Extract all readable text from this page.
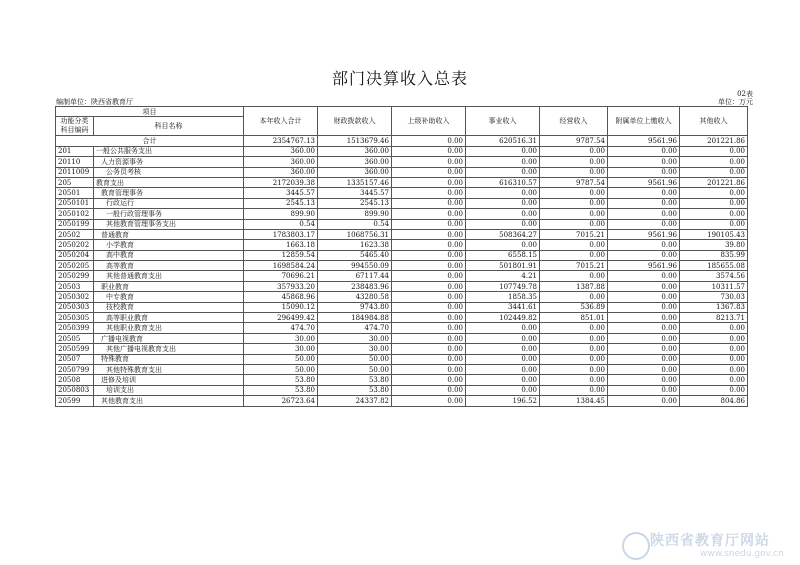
部门决算收入总表
02表
编制单位：陕西省教育厅	单位：万元
项目		本年收入合计	财政拨款收入	上级补助收入	事业收入	经营收入	附属单位上缴收入	其他收入
功能分类科目编码	科目名称							

合计		2354767.13	1513679.46	0.00	620516.31	9787.54	9561.96	201221.86
201	一般公共服务支出	360.00	360.00	0.00	0.00	0.00	0.00	0.00
20110	人力资源事务	360.00	360.00	0.00	0.00	0.00	0.00	0.00
2011009	公务员考核	360.00	360.00	0.00	0.00	0.00	0.00	0.00
205	教育支出	2172039.38	1335157.46	0.00	616310.57	9787.54	9561.96	201221.86
20501	教育管理事务	3445.57	3445.57	0.00	0.00	0.00	0.00	0.00
2050101	行政运行	2545.13	2545.13	0.00	0.00	0.00	0.00	0.00
2050102	一般行政管理事务	899.90	899.90	0.00	0.00	0.00	0.00	0.00
2050199	其他教育管理事务支出	0.54	0.54	0.00	0.00	0.00	0.00	0.00
20502	普通教育	1783803.17	1068756.31	0.00	508364.27	7015.21	9561.96	190105.43
2050202	小学教育	1663.18	1623.38	0.00	0.00	0.00	0.00	39.80
2050204	高中教育	12859.54	5465.40	0.00	6558.15	0.00	0.00	835.99
2050205	高等教育	1698584.24	994550.09	0.00	501801.91	7015.21	9561.96	185655.08
2050299	其他普通教育支出	70696.21	67117.44	0.00	4.21	0.00	0.00	3574.56
20503	职业教育	357933.20	238483.96	0.00	107749.78	1387.88	0.00	10311.57
2050302	中专教育	45868.96	43280.58	0.00	1858.35	0.00	0.00	730.03
2050303	技校教育	15090.12	9743.80	0.00	3441.61	536.89	0.00	1367.83
2050305	高等职业教育	296499.42	184984.88	0.00	102449.82	851.01	0.00	8213.71
2050399	其他职业教育支出	474.70	474.70	0.00	0.00	0.00	0.00	0.00
20505	广播电视教育	30.00	30.00	0.00	0.00	0.00	0.00	0.00
2050599	其他广播电视教育支出	30.00	30.00	0.00	0.00	0.00	0.00	0.00
20507	特殊教育	50.00	50.00	0.00	0.00	0.00	0.00	0.00
2050799	其他特殊教育支出	50.00	50.00	0.00	0.00	0.00	0.00	0.00
20508	进修及培训	53.80	53.80	0.00	0.00	0.00	0.00	0.00
2050803	培训支出	53.80	53.80	0.00	0.00	0.00	0.00	0.00
20599	其他教育支出	26723.64	24337.82	0.00	196.52	1384.45	0.00	804.86
陕西省教育厅网站
www.snedu.gov.cn
